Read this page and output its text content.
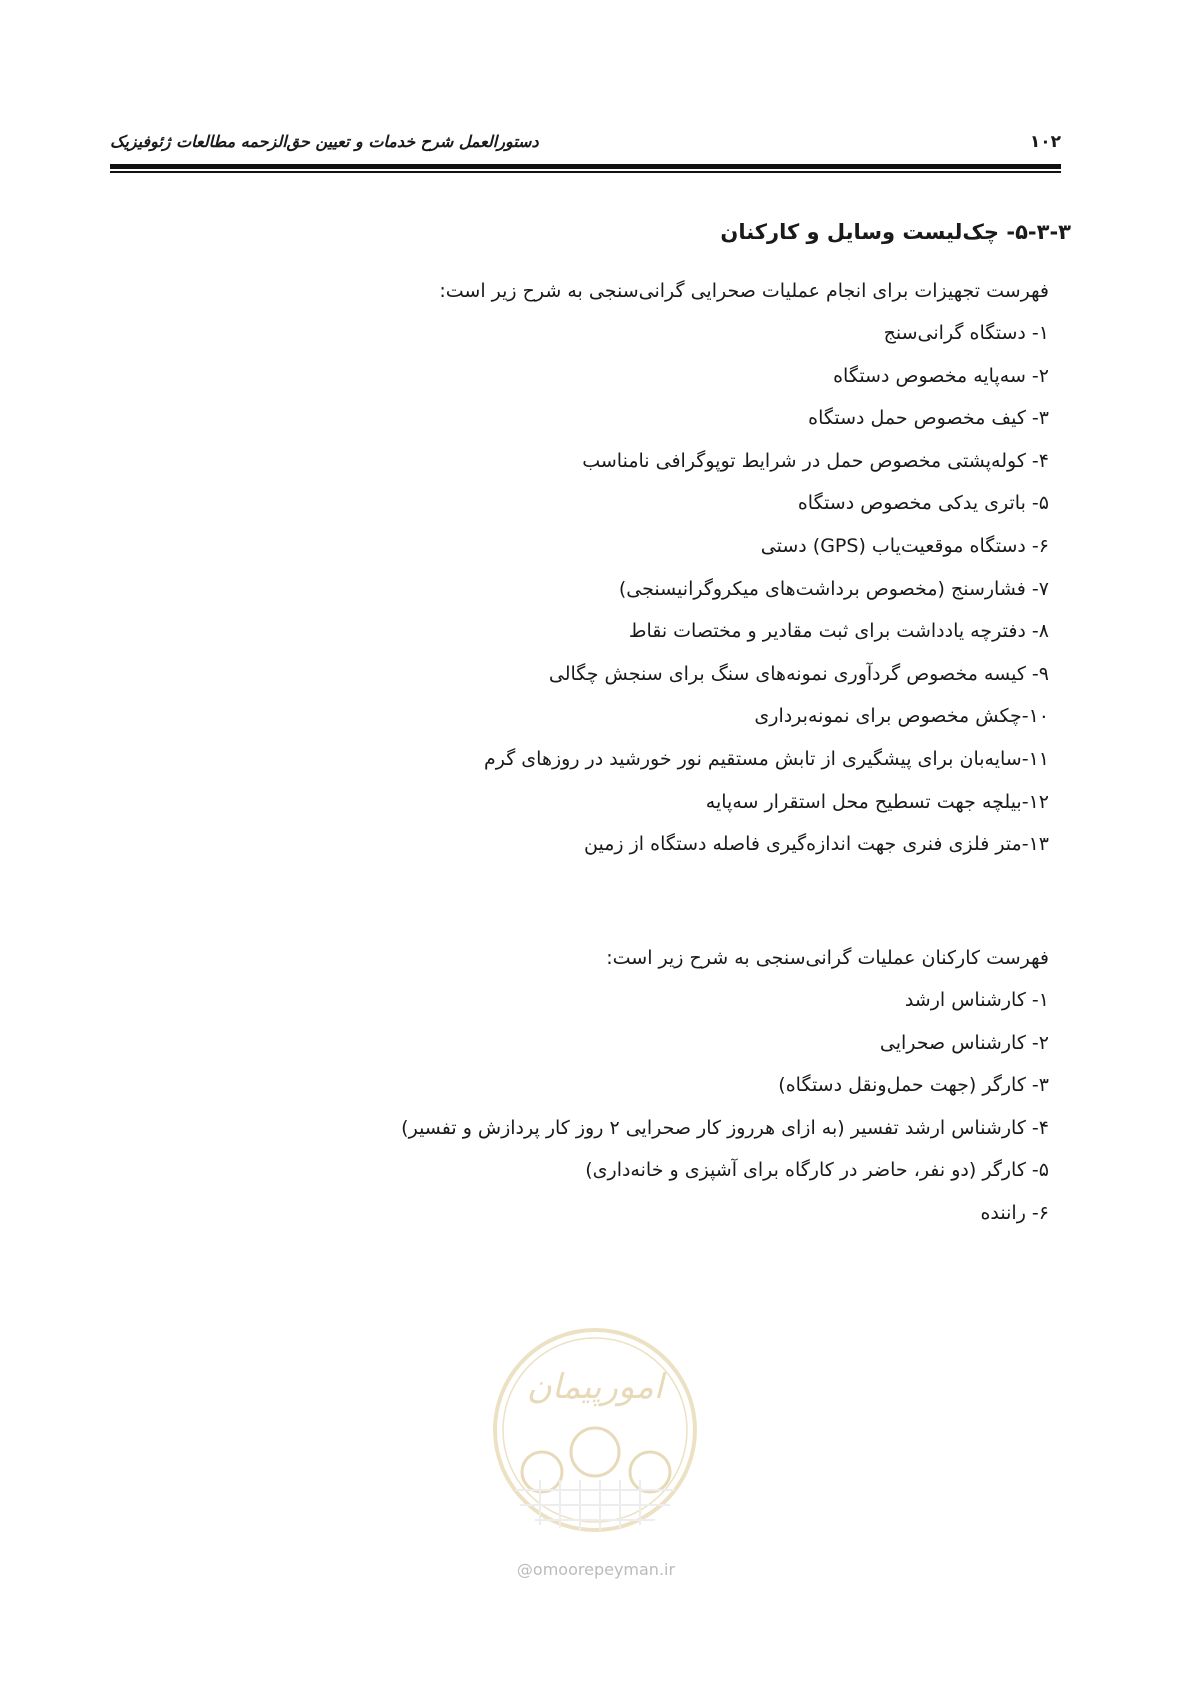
۱۰۲
دستورالعمل شرح خدمات و تعیین حق‌الزحمه مطالعات ژئوفیزیک
۵-۳-۳- چک‌لیست وسایل و کارکنان
فهرست تجهیزات برای انجام عملیات صحرایی گرانی‌سنجی به شرح زیر است:
۱- دستگاه گرانی‌سنج
۲- سه‌پایه مخصوص دستگاه
۳- کیف مخصوص حمل دستگاه
۴- کوله‌پشتی مخصوص حمل در شرایط توپوگرافی نامناسب
۵- باتری یدکی مخصوص دستگاه
۶- دستگاه موقعیت‌یاب (GPS) دستی
۷- فشارسنج (مخصوص برداشت‌های میکروگرانیسنجی)
۸- دفترچه یادداشت برای ثبت مقادیر و مختصات نقاط
۹- کیسه مخصوص گردآوری نمونه‌های سنگ برای سنجش چگالی
۱۰-چکش مخصوص برای نمونه‌برداری
۱۱-سایه‌بان برای پیشگیری از تابش مستقیم نور خورشید در روزهای گرم
۱۲-بیلچه جهت تسطیح محل استقرار سه‌پایه
۱۳-متر فلزی فنری جهت اندازه‌گیری فاصله دستگاه از زمین
فهرست کارکنان عملیات گرانی‌سنجی به شرح زیر است:
۱- کارشناس ارشد
۲- کارشناس صحرایی
۳- کارگر (جهت حمل‌ونقل دستگاه)
۴- کارشناس ارشد تفسیر (به ازای هرروز کار صحرایی ۲ روز کار پردازش و تفسیر)
۵- کارگر (دو نفر، حاضر در کارگاه برای آشپزی و خانه‌داری)
۶- راننده
امورپیمان
@omoorepeyman.ir
